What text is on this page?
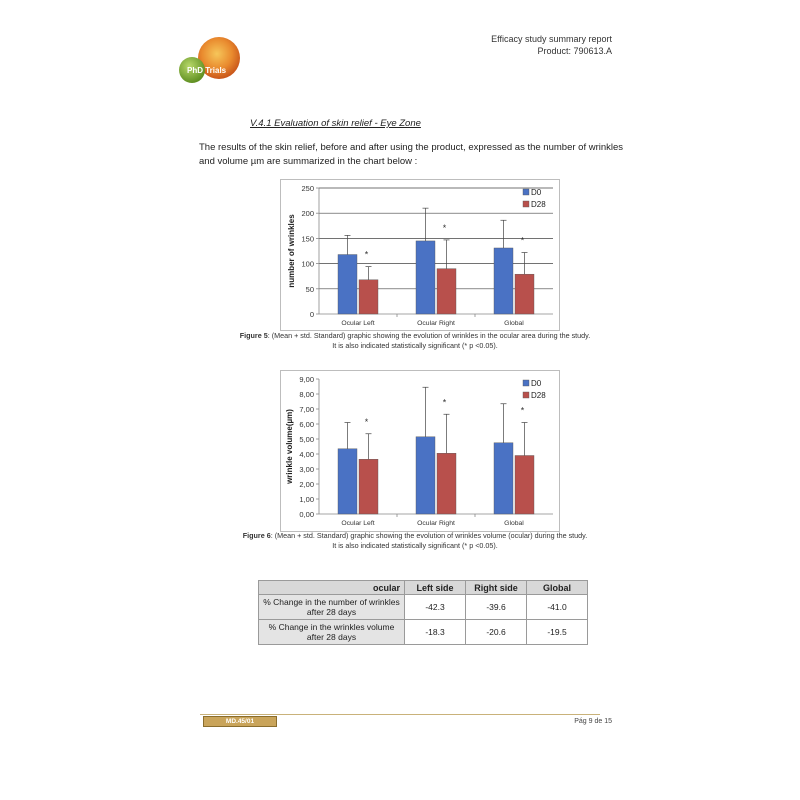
PhD Trials
Efficacy study summary report
Product: 790613.A
V.4.1 Evaluation of skin relief - Eye Zone
The results of the skin relief, before and after using the product, expressed as the number of wrinkles
and volume µm are summarized in the chart below :
0
50
100
150
200
250
number of wrinkles	*
Ocular Left
*
Ocular Right
*
Global
D0
D28
Figure 5: (Mean + std. Standard) graphic showing the evolution of wrinkles in the ocular area during the study.
It is also indicated statistically significant (* p <0.05).
0,00
1,00
2,00
3,00
4,00
5,00
6,00
7,00
8,00
9,00
wrinkle volume(µm)	*
Ocular Left
*
Ocular Right
*
Global
D0
D28
Figure 6: (Mean + std. Standard) graphic showing the evolution of wrinkles volume (ocular) during the study.
It is also indicated statistically significant (* p <0.05).
ocular	Left side	Right side	Global
% Change in the number of wrinkles after 28 days	-42.3	-39.6	-41.0
% Change in the wrinkles volume after 28 days	-18.3	-20.6	-19.5
MD.45/01	Pág 9 de 15
